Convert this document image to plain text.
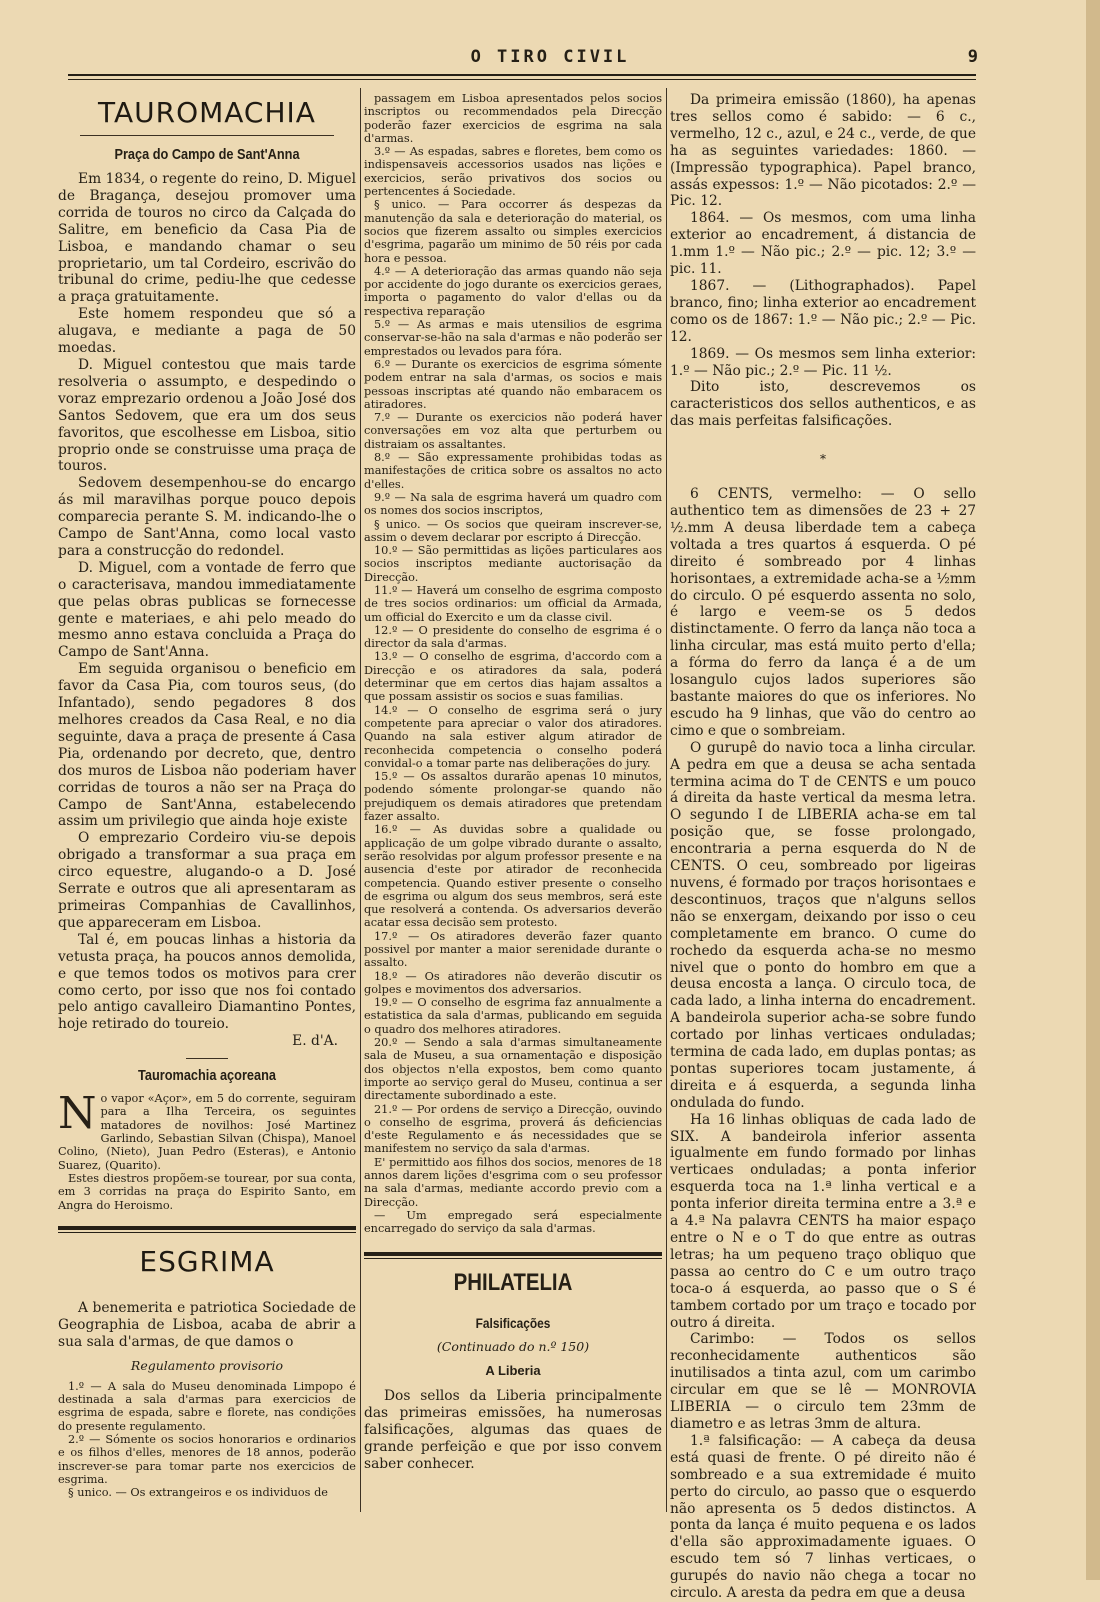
O TIRO CIVIL	9
TAUROMACHIA
Praça do Campo de Sant'Anna

Em 1834, o regente do reino, D. Miguel de Bragança, desejou promover uma corrida de touros no circo da Calçada do Salitre, em beneficio da Casa Pia de Lisboa, e mandando chamar o seu proprietario, um tal Cordeiro, escrivão do tribunal do crime, pediu-lhe que cedesse a praça gratuitamente.

Este homem respondeu que só a alugava, e mediante a paga de 50 moedas.

D. Miguel contestou que mais tarde resolveria o assumpto, e despedindo o voraz emprezario ordenou a João José dos Santos Sedovem, que era um dos seus favoritos, que escolhesse em Lisboa, sitio proprio onde se construisse uma praça de touros.

Sedovem desempenhou-se do encargo ás mil maravilhas porque pouco depois comparecia perante S. M. indicando-lhe o Campo de Sant'Anna, como local vasto para a construcção do redondel.

D. Miguel, com a vontade de ferro que o caracterisava, mandou immediatamente que pelas obras publicas se fornecesse gente e materiaes, e ahi pelo meado do mesmo anno estava concluida a Praça do Campo de Sant'Anna.

Em seguida organisou o beneficio em favor da Casa Pia, com touros seus, (do Infantado), sendo pegadores 8 dos melhores creados da Casa Real, e no dia seguinte, dava a praça de presente á Casa Pia, ordenando por decreto, que, dentro dos muros de Lisboa não poderiam haver corridas de touros a não ser na Praça do Campo de Sant'Anna, estabelecendo assim um privilegio que ainda hoje existe

O emprezario Cordeiro viu-se depois obrigado a transformar a sua praça em circo equestre, alugando-o a D. José Serrate e outros que ali apresentaram as primeiras Companhias de Cavallinhos, que appareceram em Lisboa.

Tal é, em poucas linhas a historia da vetusta praça, ha poucos annos demolida, e que temos todos os motivos para crer como certo, por isso que nos foi contado pelo antigo cavalleiro Diamantino Pontes, hoje retirado do toureio.

E. d'A.

Tauromachia açoreana

No vapor «Açor», em 5 do corrente, seguiram para a Ilha Terceira, os seguintes matadores de novilhos: José Martinez Garlindo, Sebastian Silvan (Chispa), Manoel Colino, (Nieto), Juan Pedro (Esteras), e Antonio Suarez, (Quarito).

Estes diestros propõem-se tourear, por sua conta, em 3 corridas na praça do Espirito Santo, em Angra do Heroismo.

ESGRIMA

A benemerita e patriotica Sociedade de Geographia de Lisboa, acaba de abrir a sua sala d'armas, de que damos o

Regulamento provisorio

1.º — A sala do Museu denominada Limpopo é destinada a sala d'armas para exercicios de esgrima de espada, sabre e florete, nas condições do presente regulamento.

2.º — Sómente os socios honorarios e ordinarios e os filhos d'elles, menores de 18 annos, poderão inscrever-se para tomar parte nos exercicios de esgrima.

§ unico. — Os extrangeiros e os individuos de

passagem em Lisboa apresentados pelos socios inscriptos ou recommendados pela Direcção poderão fazer exercicios de esgrima na sala d'armas.

3.º — As espadas, sabres e floretes, bem como os indispensaveis accessorios usados nas lições e exercicios, serão privativos dos socios ou pertencentes á Sociedade.

§ unico. — Para occorrer ás despezas da manutenção da sala e deterioração do material, os socios que fizerem assalto ou simples exercicios d'esgrima, pagarão um minimo de 50 réis por cada hora e pessoa.

4.º — A deterioração das armas quando não seja por accidente do jogo durante os exercicios geraes, importa o pagamento do valor d'ellas ou da respectiva reparação

5.º — As armas e mais utensilios de esgrima conservar-se-hão na sala d'armas e não poderão ser emprestados ou levados para fóra.

6.º — Durante os exercicios de esgrima sómente podem entrar na sala d'armas, os socios e mais pessoas inscriptas até quando não embaracem os atiradores.

7.º — Durante os exercicios não poderá haver conversações em voz alta que perturbem ou distraiam os assaltantes.

8.º — São expressamente prohibidas todas as manifestações de critica sobre os assaltos no acto d'elles.

9.º — Na sala de esgrima haverá um quadro com os nomes dos socios inscriptos,

§ unico. — Os socios que queiram inscrever-se, assim o devem declarar por escripto á Direcção.

10.º — São permittidas as lições particulares aos socios inscriptos mediante auctorisação da Direcção.

11.º — Haverá um conselho de esgrima composto de tres socios ordinarios: um official da Armada, um official do Exercito e um da classe civil.

12.º — O presidente do conselho de esgrima é o director da sala d'armas.

13.º — O conselho de esgrima, d'accordo com a Direcção e os atiradores da sala, poderá determinar que em certos dias hajam assaltos a que possam assistir os socios e suas familias.

14.º — O conselho de esgrima será o jury competente para apreciar o valor dos atiradores. Quando na sala estiver algum atirador de reconhecida competencia o conselho poderá convidal-o a tomar parte nas deliberações do jury.

15.º — Os assaltos durarão apenas 10 minutos, podendo sómente prolongar-se quando não prejudiquem os demais atiradores que pretendam fazer assalto.

16.º — As duvidas sobre a qualidade ou applicação de um golpe vibrado durante o assalto, serão resolvidas por algum professor presente e na ausencia d'este por atirador de reconhecida competencia. Quando estiver presente o conselho de esgrima ou algum dos seus membros, será este que resolverá a contenda. Os adversarios deverão acatar essa decisão sem protesto.

17.º — Os atiradores deverão fazer quanto possivel por manter a maior serenidade durante o assalto.

18.º — Os atiradores não deverão discutir os golpes e movimentos dos adversarios.

19.º — O conselho de esgrima faz annualmente a estatistica da sala d'armas, publicando em seguida o quadro dos melhores atiradores.

20.º — Sendo a sala d'armas simultaneamente sala de Museu, a sua ornamentação e disposição dos objectos n'ella expostos, bem como quanto importe ao serviço geral do Museu, continua a ser directamente subordinado a este.

21.º — Por ordens de serviço a Direcção, ouvindo o conselho de esgrima, proverá ás deficiencias d'este Regulamento e ás necessidades que se manifestem no serviço da sala d'armas.

E' permittido aos filhos dos socios, menores de 18 annos darem lições d'esgrima com o seu professor na sala d'armas, mediante accordo previo com a Direcção.

— Um empregado será especialmente encarregado do serviço da sala d'armas.

PHILATELIA
Falsificações

(Continuado do n.º 150)

A Liberia

Dos sellos da Liberia principalmente das primeiras emissões, ha numerosas falsificações, algumas das quaes de grande perfeição e que por isso convem saber conhecer.

Da primeira emissão (1860), ha apenas tres sellos como é sabido: — 6 c., vermelho, 12 c., azul, e 24 c., verde, de que ha as seguintes variedades: 1860. — (Impressão typographica). Papel branco, assás expessos: 1.º — Não picotados: 2.º — Pic. 12.

1864. — Os mesmos, com uma linha exterior ao encadrement, á distancia de 1.mm 1.º — Não pic.; 2.º — pic. 12; 3.º — pic. 11.

1867. — (Lithographados). Papel branco, fino; linha exterior ao encadrement como os de 1867: 1.º — Não pic.; 2.º — Pic. 12.

1869. — Os mesmos sem linha exterior: 1.º — Não pic.; 2.º — Pic. 11 ½.

Dito isto, descrevemos os caracteristicos dos sellos authenticos, e as das mais perfeitas falsificações.

*

6 CENTS, vermelho: — O sello authentico tem as dimensões de 23 + 27 ½.mm A deusa liberdade tem a cabeça voltada a tres quartos á esquerda. O pé direito é sombreado por 4 linhas horisontaes, a extremidade acha-se a ½mm do circulo. O pé esquerdo assenta no solo, é largo e veem-se os 5 dedos distinctamente. O ferro da lança não toca a linha circular, mas está muito perto d'ella; a fórma do ferro da lança é a de um losangulo cujos lados superiores são bastante maiores do que os inferiores. No escudo ha 9 linhas, que vão do centro ao cimo e que o sombreiam.

O gurupê do navio toca a linha circular. A pedra em que a deusa se acha sentada termina acima do T de CENTS e um pouco á direita da haste vertical da mesma letra. O segundo I de LIBERIA acha-se em tal posição que, se fosse prolongado, encontraria a perna esquerda do N de CENTS. O ceu, sombreado por ligeiras nuvens, é formado por traços horisontaes e descontinuos, traços que n'alguns sellos não se enxergam, deixando por isso o ceu completamente em branco. O cume do rochedo da esquerda acha-se no mesmo nivel que o ponto do hombro em que a deusa encosta a lança. O circulo toca, de cada lado, a linha interna do encadrement. A bandeirola superior acha-se sobre fundo cortado por linhas verticaes onduladas; termina de cada lado, em duplas pontas; as pontas superiores tocam justamente, á direita e á esquerda, a segunda linha ondulada do fundo.

Ha 16 linhas obliquas de cada lado de SIX. A bandeirola inferior assenta igualmente em fundo formado por linhas verticaes onduladas; a ponta inferior esquerda toca na 1.ª linha vertical e a ponta inferior direita termina entre a 3.ª e a 4.ª Na palavra CENTS ha maior espaço entre o N e o T do que entre as outras letras; ha um pequeno traço obliquo que passa ao centro do C e um outro traço toca-o á esquerda, ao passo que o S é tambem cortado por um traço e tocado por outro á direita.

Carimbo: — Todos os sellos reconhecidamente authenticos são inutilisados a tinta azul, com um carimbo circular em que se lê — MONROVIA LIBERIA — o circulo tem 23mm de diametro e as letras 3mm de altura.

1.ª falsificação: — A cabeça da deusa está quasi de frente. O pé direito não é sombreado e a sua extremidade é muito perto do circulo, ao passo que o esquerdo não apresenta os 5 dedos distinctos. A ponta da lança é muito pequena e os lados d'ella são approximadamente iguaes. O escudo tem só 7 linhas verticaes, o gurupés do navio não chega a tocar no circulo. A aresta da pedra em que a deusa
